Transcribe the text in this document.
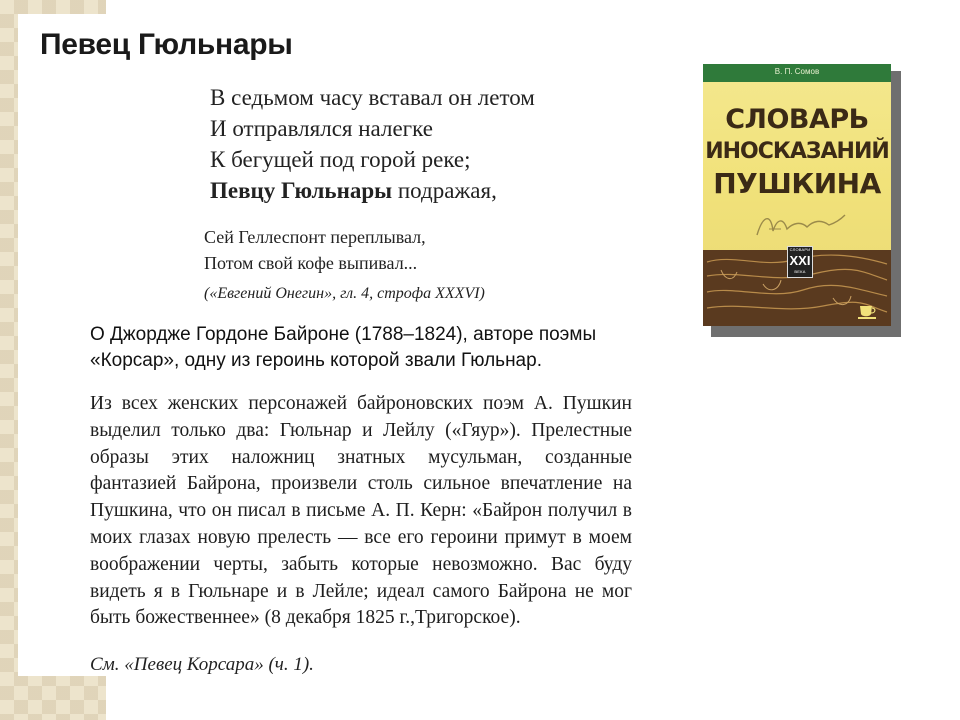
Певец Гюльнары
В седьмом часу вставал он летом
И отправлялся налегке
К бегущей под горой реке;
Певцу Гюльнары подражая,
Сей Геллеспонт переплывал,
Потом свой кофе выпивал...
(«Евгений Онегин», гл. 4, строфа XXXVI)
О Джордже Гордоне Байроне (1788–1824), авторе поэмы «Корсар», одну из героинь которой звали Гюльнар.

Из всех женских персонажей байроновских поэм А. Пушкин выделил только два: Гюльнар и Лейлу («Гяур»). Прелестные образы этих наложниц знатных мусульман, созданные фантазией Байрона, произвели столь сильное впечатление на Пушкина, что он писал в письме А. П. Керн: «Байрон получил в моих глазах новую прелесть — все его героини примут в моем воображении черты, забыть которые невозможно. Вас буду видеть я в Гюльнаре и в Лейле; идеал самого Байрона не мог быть божественнее» (8 декабря 1825 г.,Тригорское).

См. «Певец Корсара» (ч. 1).
В. П. Сомов
СЛОВАРЬ
ИНОСКАЗАНИЙ
ПУШКИНА
СЛОВАРИ
XXI
ВЕКА
